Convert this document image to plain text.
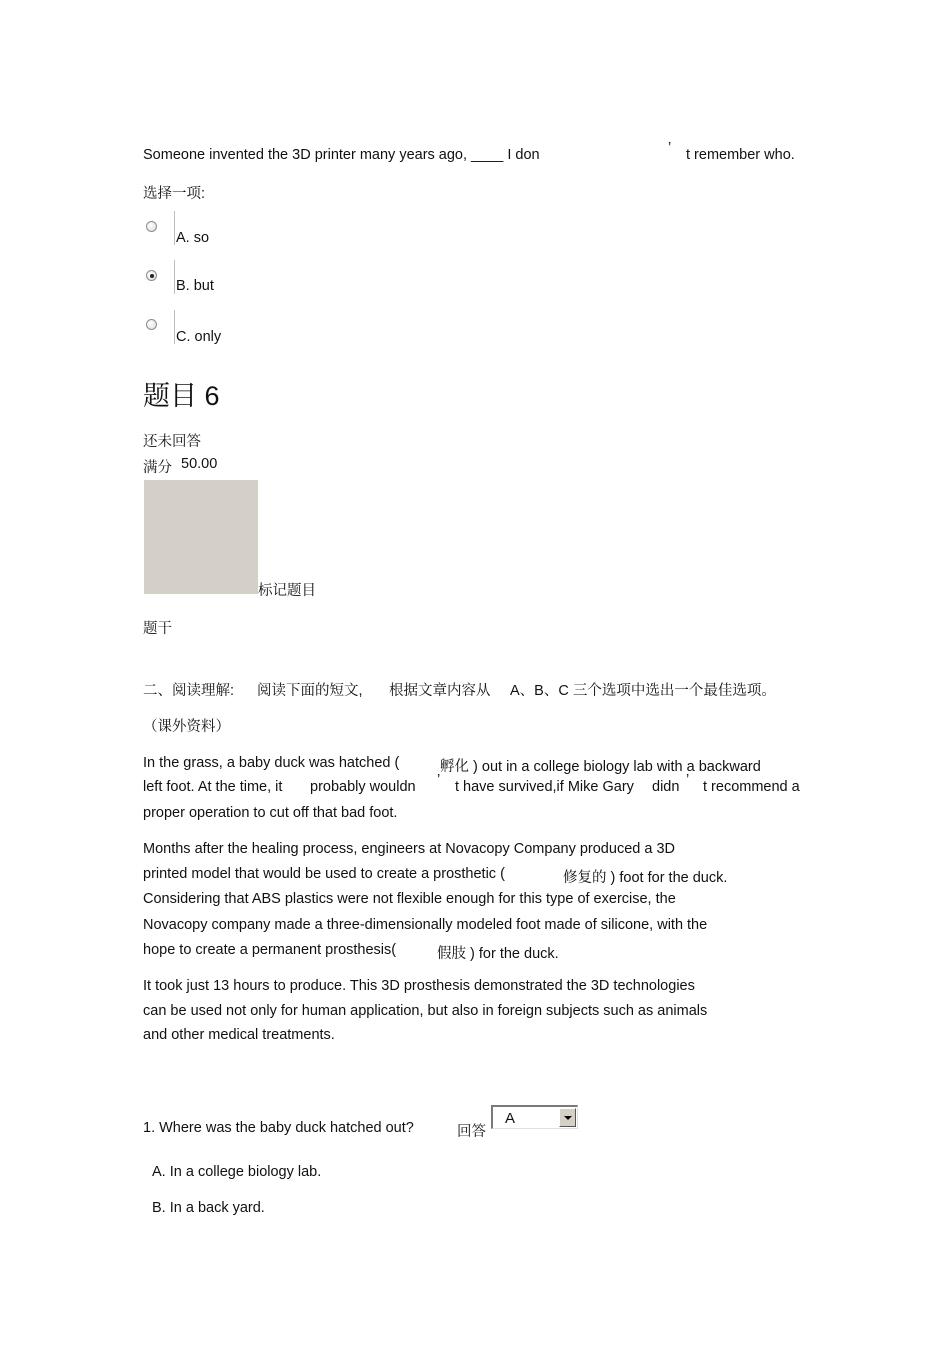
Someone invented the 3D printer many years ago, ____ I don	’ t remember who.
选择一项:
A. so
B. but
C. only
题目 6
还未回答
满分 50.00
标记题目
题干
二、阅读理解: 阅读下面的短文, 根据文章内容从 A、B、C 三个选项中选出一个最佳选项。
（课外资料）
In the grass, a baby duck was hatched (	孵化 ) out in a college biology lab with a backward
left foot. At the time, it probably wouldn ’ t have survived,if Mike Gary didn ’ t recommend a
proper operation to cut off that bad foot.
Months after the healing process, engineers at Novacopy Company produced a 3D
printed model that would be used to create a prosthetic (	修复的 ) foot for the duck.
Considering that ABS plastics were not flexible enough for this type of exercise, the
Novacopy company made a three-dimensionally modeled foot made of silicone, with the
hope to create a permanent prosthesis(	假肢 ) for the duck.
It took just 13 hours to produce. This 3D prosthesis demonstrated the 3D technologies
can be used not only for human application, but also in foreign subjects such as animals
and other medical treatments.
1. Where was the baby duck hatched out?	回答
A
A. In a college biology lab.
B. In a back yard.
